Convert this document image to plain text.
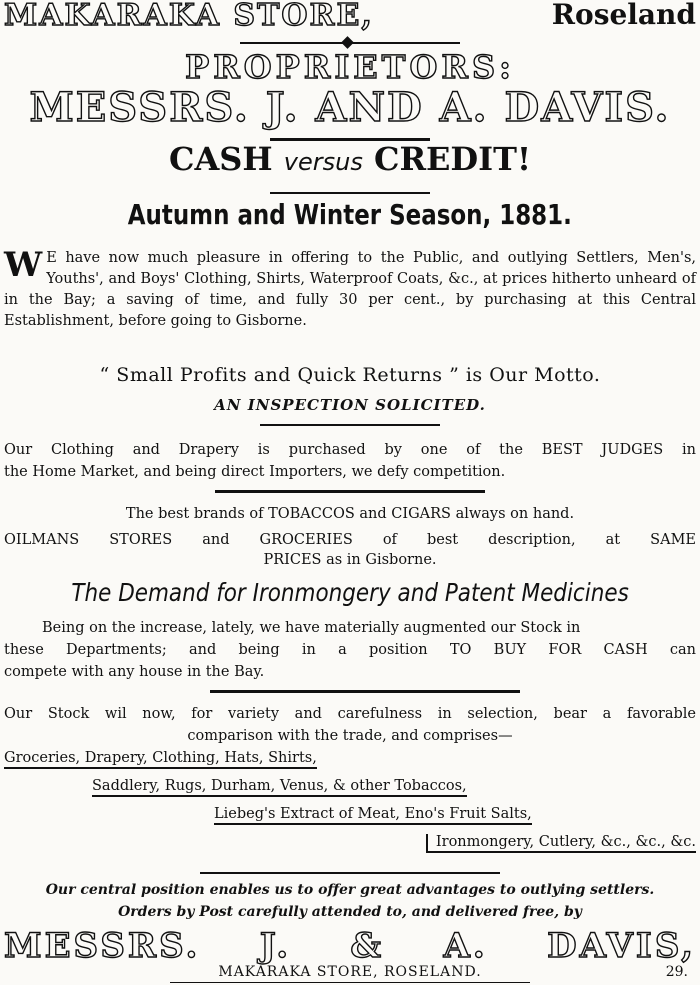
MAKARAKA STORE,	Roseland
PROPRIETORS:
MESSRS. J. AND A. DAVIS.
CASH versus CREDIT!
Autumn and Winter Season, 1881.

W E have now much pleasure in offering to the Public, and outlying Settlers, Men's, Youths', and Boys' Clothing, Shirts, Waterproof Coats, &c., at prices hitherto unheard of in the Bay; a saving of time, and fully 30 per cent., by purchasing at this Central Establishment, before going to Gisborne.

“ Small Profits and Quick Returns ” is Our Motto.
AN INSPECTION SOLICITED.
Our Clothing and Drapery is purchased by one of the BEST JUDGES in
the Home Market, and being direct Importers, we defy competition.
The best brands of TOBACCOS and CIGARS always on hand.
OILMANS STORES and GROCERIES of best description, at SAME
PRICES as in Gisborne.
The Demand for Ironmongery and Patent Medicines
Being on the increase, lately, we have materially augmented our Stock in
these Departments; and being in a position TO BUY FOR CASH can
compete with any house in the Bay.
Our Stock wil now, for variety and carefulness in selection, bear a favorable
comparison with the trade, and comprises—
Groceries, Drapery, Clothing, Hats, Shirts,
Saddlery, Rugs, Durham, Venus, & other Tobaccos,
Liebeg's Extract of Meat, Eno's Fruit Salts,
Ironmongery, Cutlery, &c., &c., &c.
Our central position enables us to offer great advantages to outlying settlers.
Orders by Post carefully attended to, and delivered free, by
MESSRS. J. & A. DAVIS,
MAKARAKA STORE, ROSELAND.	29.
